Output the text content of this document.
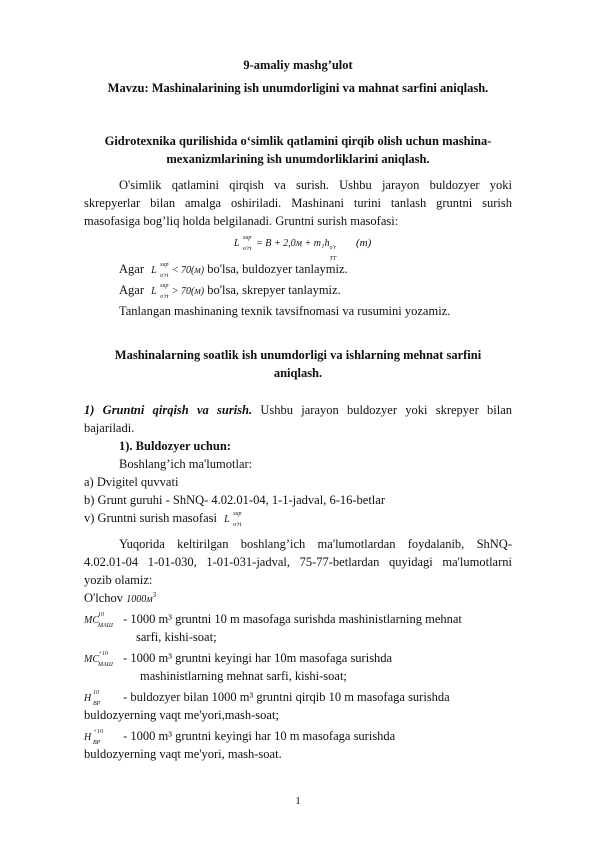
9-amaliy mashg’ulot
Mavzu: Mashinalarining ish unumdorligini va mahnat sarfini aniqlash.
Gidrotexnika qurilishida o‘simlik qatlamini qirqib olish uchun mashina-
mexanizmlarining ish unumdorliklarini aniqlash.
O'simlik qatlamini qirqish va surish. Ushbu jarayon buldozyer yoki
skrepyerlar bilan amalga oshiriladi. Mashinani turini tanlash gruntni surish
masofasiga bog’liq holda belgilanadi. Gruntni surish masofasi:
L sup
o'rt = B + 2,0м + m₁h o'r
TT
(m)
Agar L sup
o'rt < 70(м) bo'lsa, buldozyer tanlaymiz.
Agar L sup
o'rt > 70(м) bo'lsa, skrepyer tanlaymiz.
Tanlangan mashinaning texnik tavsifnomasi va rusumini yozamiz.
Mashinalarning soatlik ish unumdorligi va ishlarning mehnat sarfini
aniqlash.
1) Gruntni qirqish va surish. Ushbu jarayon buldozyer yoki skrepyer bilan
bajariladi.
1). Buldozyer uchun:
Boshlang’ich ma'lumotlar:
a) Dvigitel quvvati
b) Grunt guruhi - ShNQ- 4.02.01-04, 1-1-jadval, 6-16-betlar
v) Gruntni surish masofasi L sup
o'rt
Yuqorida keltirilgan boshlang’ich ma'lumotlardan foydalanib, ShNQ-
4.02.01-04 1-01-030, 1-01-031-jadval, 75-77-betlardan quyidagi ma'lumotlarni
yozib olamiz:
O'lchov $1000м^3$
MC 10
MAШ - 1000 m³ gruntni 10 m masofaga surishda mashinistlarning mehnat
sarfi, kishi-soat;
MC +10
MAШ - 1000 m³ gruntni keyingi har 10m masofaga surishda
mashinistlarning mehnat sarfi, kishi-soat;
H 10
BP - buldozyer bilan 1000 m³ gruntni qirqib 10 m masofaga surishda
buldozyerning vaqt me'yori,mash-soat;
H +10
BP - 1000 m³ gruntni keyingi har 10 m masofaga surishda
buldozyerning vaqt me'yori, mash-soat.
1
